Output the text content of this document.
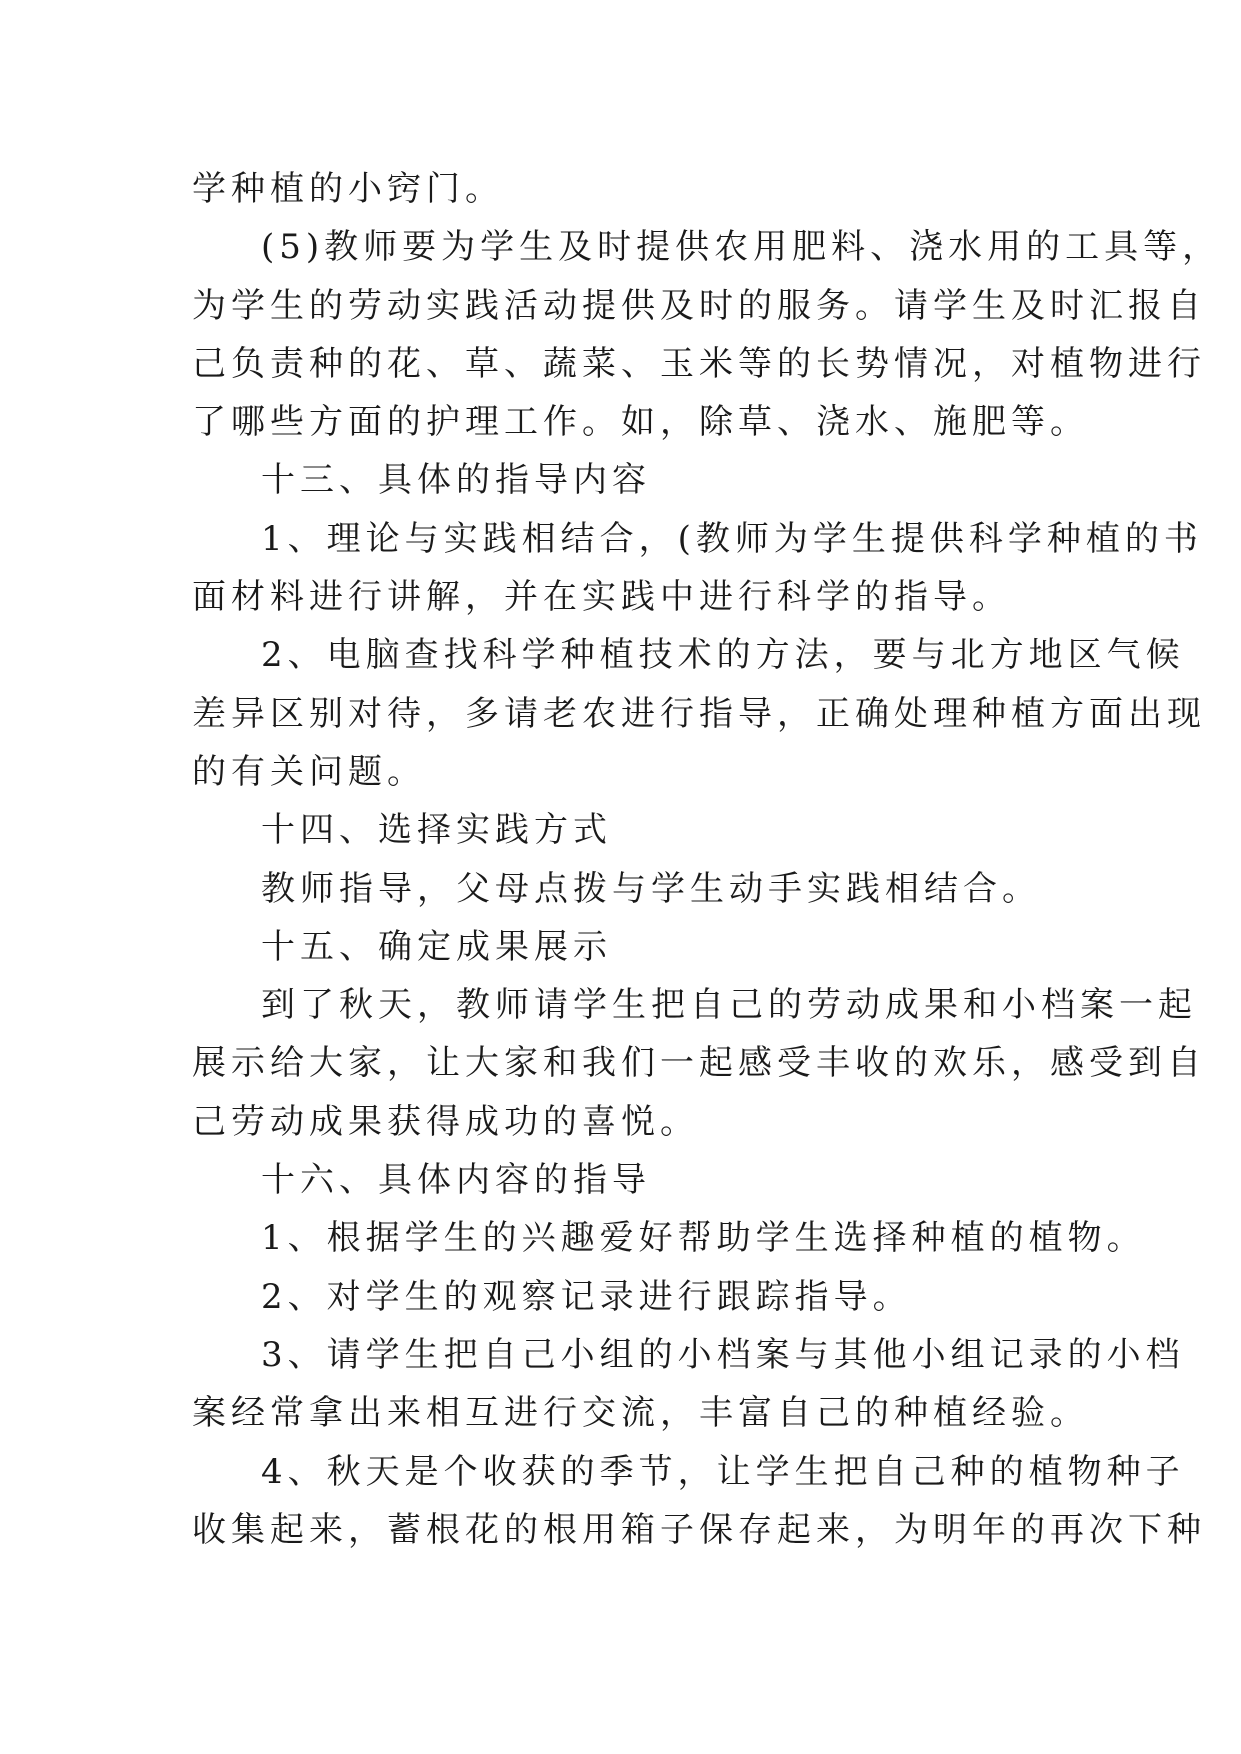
学种植的小窍门。
(5)教师要为学生及时提供农用肥料、浇水用的工具等，
为学生的劳动实践活动提供及时的服务。请学生及时汇报自
己负责种的花、草、蔬菜、玉米等的长势情况，对植物进行
了哪些方面的护理工作。如，除草、浇水、施肥等。
十三、具体的指导内容
1、理论与实践相结合，(教师为学生提供科学种植的书
面材料进行讲解，并在实践中进行科学的指导。
2、电脑查找科学种植技术的方法，要与北方地区气候
差异区别对待，多请老农进行指导，正确处理种植方面出现
的有关问题。
十四、选择实践方式
教师指导，父母点拨与学生动手实践相结合。
十五、确定成果展示
到了秋天，教师请学生把自己的劳动成果和小档案一起
展示给大家，让大家和我们一起感受丰收的欢乐，感受到自
己劳动成果获得成功的喜悦。
十六、具体内容的指导
1、根据学生的兴趣爱好帮助学生选择种植的植物。
2、对学生的观察记录进行跟踪指导。
3、请学生把自己小组的小档案与其他小组记录的小档
案经常拿出来相互进行交流，丰富自己的种植经验。
4、秋天是个收获的季节，让学生把自己种的植物种子
收集起来，蓄根花的根用箱子保存起来，为明年的再次下种
